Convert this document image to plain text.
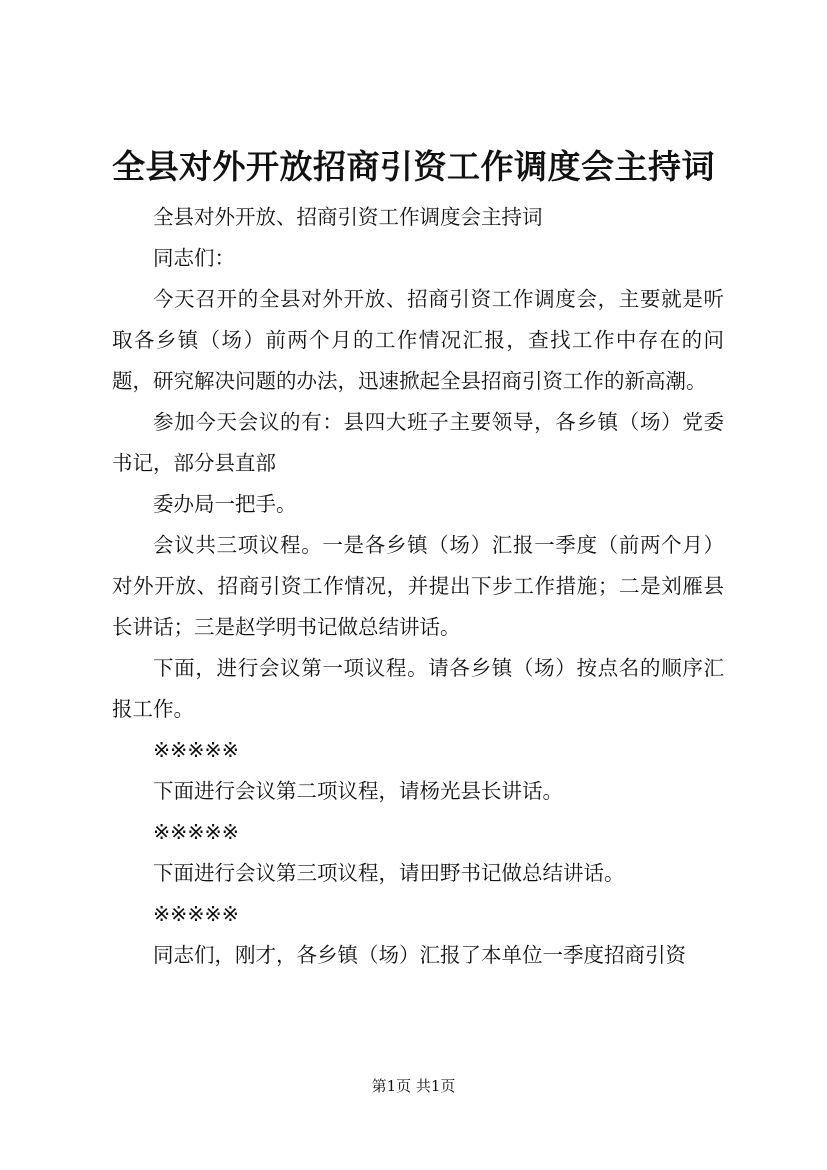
全县对外开放招商引资工作调度会主持词

全县对外开放、招商引资工作调度会主持词

同志们：

今天召开的全县对外开放、招商引资工作调度会，主要就是听取各乡镇（场）前两个月的工作情况汇报，查找工作中存在的问题，研究解决问题的办法，迅速掀起全县招商引资工作的新高潮。

参加今天会议的有：县四大班子主要领导，各乡镇（场）党委书记，部分县直部

委办局一把手。

会议共三项议程。一是各乡镇（场）汇报一季度（前两个月）对外开放、招商引资工作情况，并提出下步工作措施；二是刘雁县长讲话；三是赵学明书记做总结讲话。

下面，进行会议第一项议程。请各乡镇（场）按点名的顺序汇报工作。

※※※※※

下面进行会议第二项议程，请杨光县长讲话。

※※※※※

下面进行会议第三项议程，请田野书记做总结讲话。

※※※※※

同志们，刚才，各乡镇（场）汇报了本单位一季度招商引资

第1页 共1页
